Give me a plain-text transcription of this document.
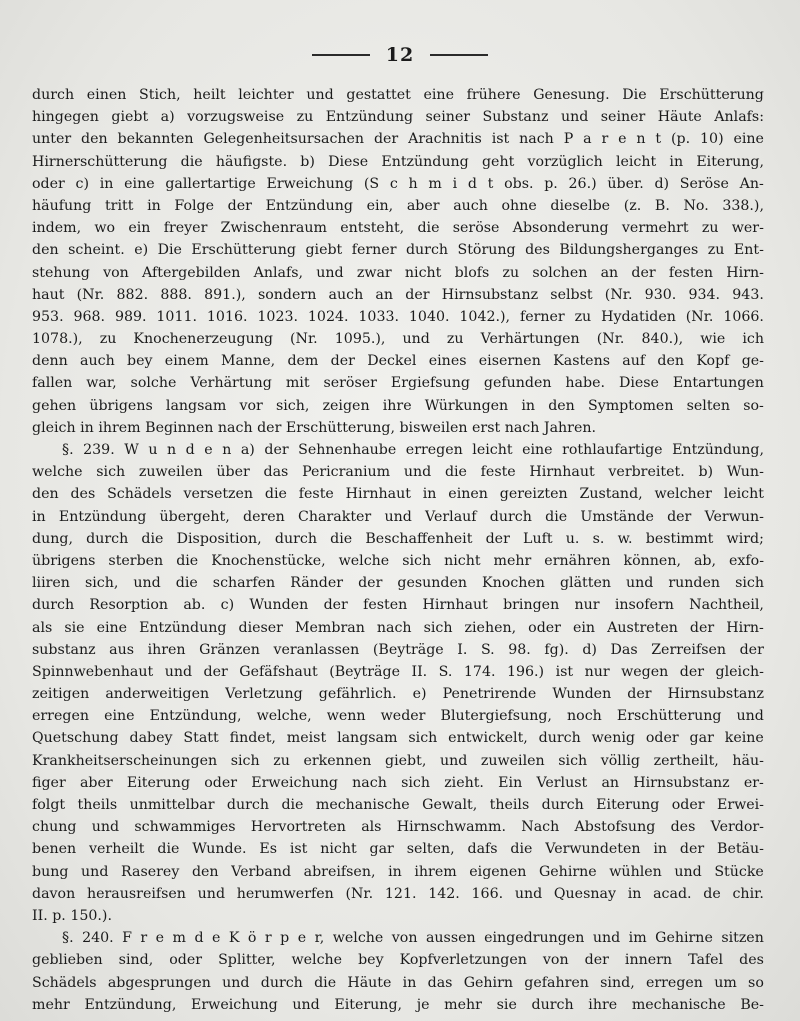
12
durch einen Stich, heilt leichter und gestattet eine frühere Genesung. Die Erschütterung
hingegen giebt a) vorzugsweise zu Entzündung seiner Substanz und seiner Häute Anlafs:
unter den bekannten Gelegenheitsursachen der Arachnitis ist nach P a r e n t (p. 10) eine
Hirnerschütterung die häufigste. b) Diese Entzündung geht vorzüglich leicht in Eiterung,
oder c) in eine gallertartige Erweichung (S c h m i d t obs. p. 26.) über. d) Seröse An-
häufung tritt in Folge der Entzündung ein, aber auch ohne dieselbe (z. B. No. 338.),
indem, wo ein freyer Zwischenraum entsteht, die seröse Absonderung vermehrt zu wer-
den scheint. e) Die Erschütterung giebt ferner durch Störung des Bildungsherganges zu Ent-
stehung von Aftergebilden Anlafs, und zwar nicht blofs zu solchen an der festen Hirn-
haut (Nr. 882. 888. 891.), sondern auch an der Hirnsubstanz selbst (Nr. 930. 934. 943.
953. 968. 989. 1011. 1016. 1023. 1024. 1033. 1040. 1042.), ferner zu Hydatiden (Nr. 1066.
1078.), zu Knochenerzeugung (Nr. 1095.), und zu Verhärtungen (Nr. 840.), wie ich
denn auch bey einem Manne, dem der Deckel eines eisernen Kastens auf den Kopf ge-
fallen war, solche Verhärtung mit seröser Ergiefsung gefunden habe. Diese Entartungen
gehen übrigens langsam vor sich, zeigen ihre Würkungen in den Symptomen selten so-
gleich in ihrem Beginnen nach der Erschütterung, bisweilen erst nach Jahren.
§. 239. W u n d e n a) der Sehnenhaube erregen leicht eine rothlaufartige Entzündung,
welche sich zuweilen über das Pericranium und die feste Hirnhaut verbreitet. b) Wun-
den des Schädels versetzen die feste Hirnhaut in einen gereizten Zustand, welcher leicht
in Entzündung übergeht, deren Charakter und Verlauf durch die Umstände der Verwun-
dung, durch die Disposition, durch die Beschaffenheit der Luft u. s. w. bestimmt wird;
übrigens sterben die Knochenstücke, welche sich nicht mehr ernähren können, ab, exfo-
liiren sich, und die scharfen Ränder der gesunden Knochen glätten und runden sich
durch Resorption ab. c) Wunden der festen Hirnhaut bringen nur insofern Nachtheil,
als sie eine Entzündung dieser Membran nach sich ziehen, oder ein Austreten der Hirn-
substanz aus ihren Gränzen veranlassen (Beyträge I. S. 98. fg). d) Das Zerreifsen der
Spinnwebenhaut und der Gefäfshaut (Beyträge II. S. 174. 196.) ist nur wegen der gleich-
zeitigen anderweitigen Verletzung gefährlich. e) Penetrirende Wunden der Hirnsubstanz
erregen eine Entzündung, welche, wenn weder Blutergiefsung, noch Erschütterung und
Quetschung dabey Statt findet, meist langsam sich entwickelt, durch wenig oder gar keine
Krankheitserscheinungen sich zu erkennen giebt, und zuweilen sich völlig zertheilt, häu-
figer aber Eiterung oder Erweichung nach sich zieht. Ein Verlust an Hirnsubstanz er-
folgt theils unmittelbar durch die mechanische Gewalt, theils durch Eiterung oder Erwei-
chung und schwammiges Hervortreten als Hirnschwamm. Nach Abstofsung des Verdor-
benen verheilt die Wunde. Es ist nicht gar selten, dafs die Verwundeten in der Betäu-
bung und Raserey den Verband abreifsen, in ihrem eigenen Gehirne wühlen und Stücke
davon herausreifsen und herumwerfen (Nr. 121. 142. 166. und Quesnay in acad. de chir.
II. p. 150.).
§. 240. F r e m d e K ö r p e r, welche von aussen eingedrungen und im Gehirne sitzen
geblieben sind, oder Splitter, welche bey Kopfverletzungen von der innern Tafel des
Schädels abgesprungen und durch die Häute in das Gehirn gefahren sind, erregen um so
mehr Entzündung, Erweichung und Eiterung, je mehr sie durch ihre mechanische Be-
